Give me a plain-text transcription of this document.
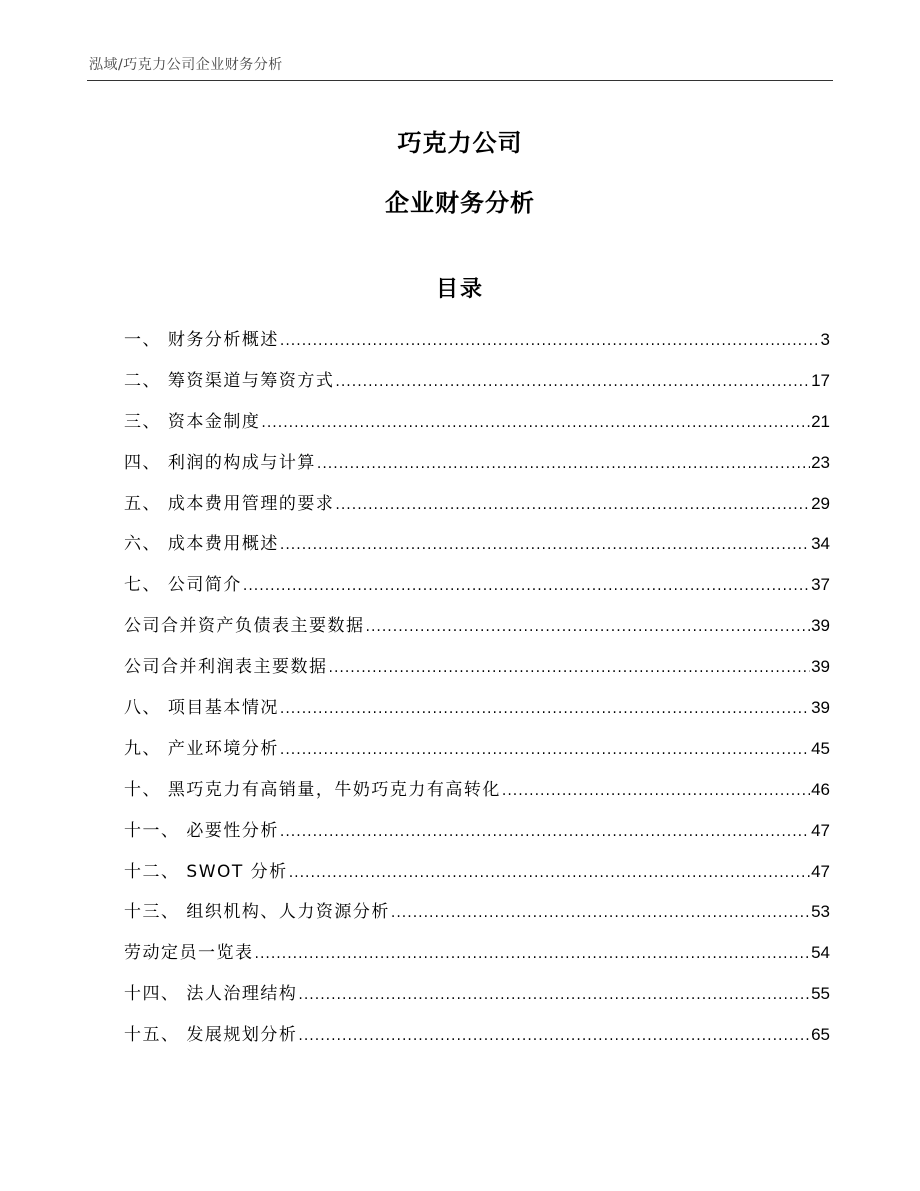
泓域/巧克力公司企业财务分析
巧克力公司
企业财务分析
目录
一、 财务分析概述 .....	3
二、 筹资渠道与筹资方式 .....	17
三、 资本金制度 .....	21
四、 利润的构成与计算 .....	23
五、 成本费用管理的要求 .....	29
六、 成本费用概述 .....	34
七、 公司简介 .....	37
公司合并资产负债表主要数据 .....	39
公司合并利润表主要数据 .....	39
八、 项目基本情况 .....	39
九、 产业环境分析 .....	45
十、 黑巧克力有高销量，牛奶巧克力有高转化 .....	46
十一、 必要性分析 .....	47
十二、 SWOT 分析 .....	47
十三、 组织机构、人力资源分析 .....	53
劳动定员一览表 .....	54
十四、 法人治理结构 .....	55
十五、 发展规划分析 .....	65
